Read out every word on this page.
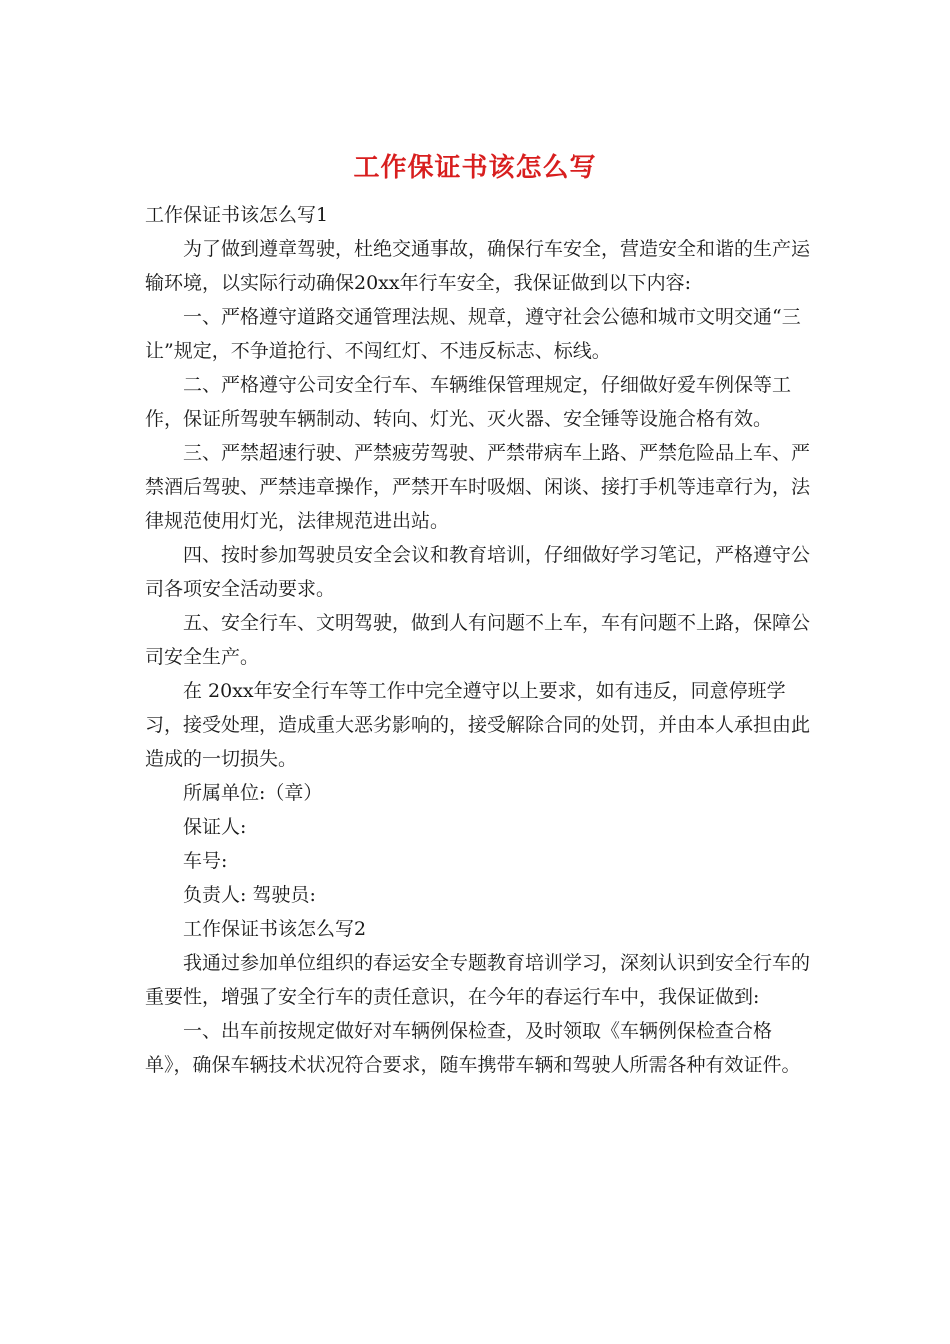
工作保证书该怎么写

工作保证书该怎么写1

为了做到遵章驾驶，杜绝交通事故，确保行车安全，营造安全和谐的生产运输环境，以实际行动确保20xx年行车安全，我保证做到以下内容:

一、严格遵守道路交通管理法规、规章，遵守社会公德和城市文明交通“三让”规定，不争道抢行、不闯红灯、不违反标志、标线。

二、严格遵守公司安全行车、车辆维保管理规定，仔细做好爱车例保等工作，保证所驾驶车辆制动、转向、灯光、灭火器、安全锤等设施合格有效。

三、严禁超速行驶、严禁疲劳驾驶、严禁带病车上路、严禁危险品上车、严禁酒后驾驶、严禁违章操作，严禁开车时吸烟、闲谈、接打手机等违章行为，法律规范使用灯光，法律规范进出站。

四、按时参加驾驶员安全会议和教育培训，仔细做好学习笔记，严格遵守公司各项安全活动要求。

五、安全行车、文明驾驶，做到人有问题不上车，车有问题不上路，保障公司安全生产。

在 20xx年安全行车等工作中完全遵守以上要求，如有违反，同意停班学习，接受处理，造成重大恶劣影响的，接受解除合同的处罚，并由本人承担由此造成的一切损失。

所属单位:（章）

保证人:

车号:

负责人: 驾驶员:

工作保证书该怎么写2

我通过参加单位组织的春运安全专题教育培训学习，深刻认识到安全行车的重要性，增强了安全行车的责任意识，在今年的春运行车中，我保证做到:

一、出车前按规定做好对车辆例保检查，及时领取《车辆例保检查合格单》，确保车辆技术状况符合要求，随车携带车辆和驾驶人所需各种有效证件。
